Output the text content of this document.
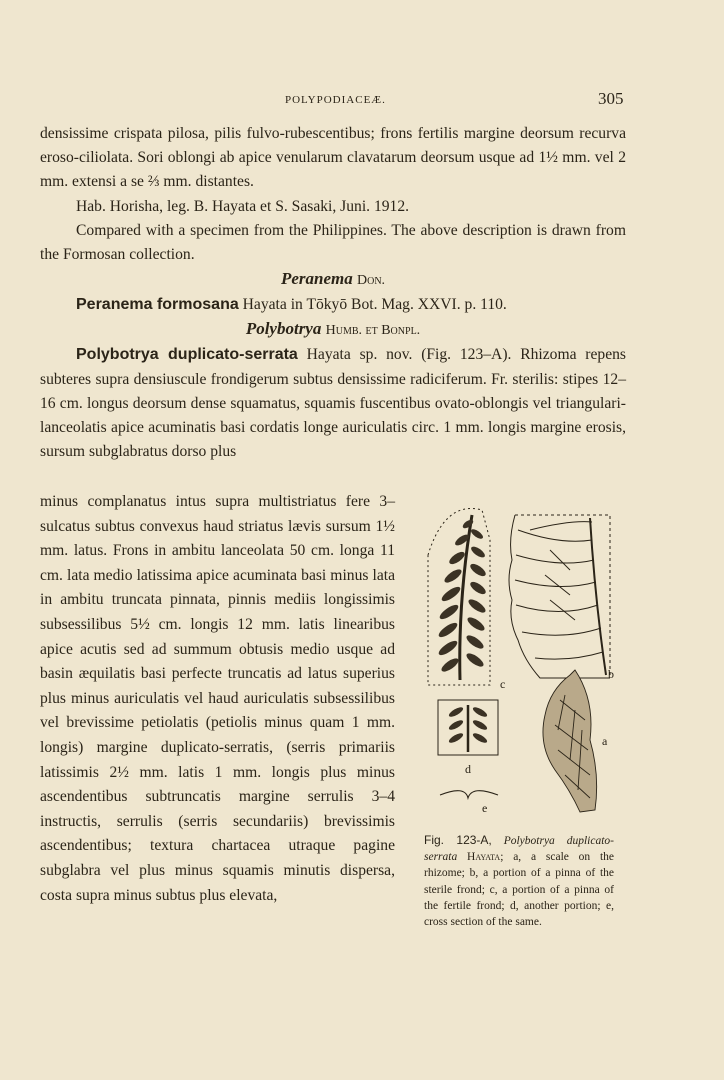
POLYPODIACEÆ.	305

densissime crispata pilosa, pilis fulvo-rubescentibus; frons fertilis margine deorsum recurva eroso-ciliolata. Sori oblongi ab apice venularum clavatarum deorsum usque ad 1½ mm. vel 2 mm. extensi a se ⅔ mm. distantes.

Hab. Horisha, leg. B. Hayata et S. Sasaki, Juni. 1912.

Compared with a specimen from the Philippines. The above description is drawn from the Formosan collection.

Peranema Don.

Peranema formosana Hayata in Tōkyō Bot. Mag. XXVI. p. 110.

Polybotrya Humb. et Bonpl.

Polybotrya duplicato-serrata Hayata sp. nov. (Fig. 123–A). Rhizoma repens subteres supra densiuscule frondigerum subtus densissime radiciferum. Fr. sterilis: stipes 12–16 cm. longus deorsum dense squamatus, squamis fuscentibus ovato-oblongis vel triangulari-lanceolatis apice acuminatis basi cordatis longe auriculatis circ. 1 mm. longis margine erosis, sursum subglabratus dorso plus

minus complanatus intus supra multistriatus fere 3–sulcatus subtus convexus haud striatus lævis sursum 1½ mm. latus. Frons in ambitu lanceolata 50 cm. longa 11 cm. lata medio latissima apice acuminata basi minus lata in ambitu truncata pinnata, pinnis mediis longissimis subsessilibus 5½ cm. longis 12 mm. latis linearibus apice acutis sed ad summum obtusis medio usque ad basin æquilatis basi perfecte truncatis ad latus superius plus minus auriculatis vel haud auriculatis subsessilibus vel brevissime petiolatis (petiolis minus quam 1 mm. longis) margine duplicato-serratis, (serris primariis latissimis 2½ mm. latis 1 mm. longis plus minus ascendentibus subtruncatis margine serrulis 3–4 instructis, serrulis (serris secundariis) brevissimis ascendentibus; textura chartacea utraque pagine subglabra vel plus minus squamis minutis dispersa, costa supra minus subtus plus elevata,

c
b
a
d
e
Fig. 123-A, Polybotrya duplicato-serrata Hayata; a, a scale on the rhizome; b, a portion of a pinna of the sterile frond; c, a portion of a pinna of the fertile frond; d, another portion; e, cross section of the same.
